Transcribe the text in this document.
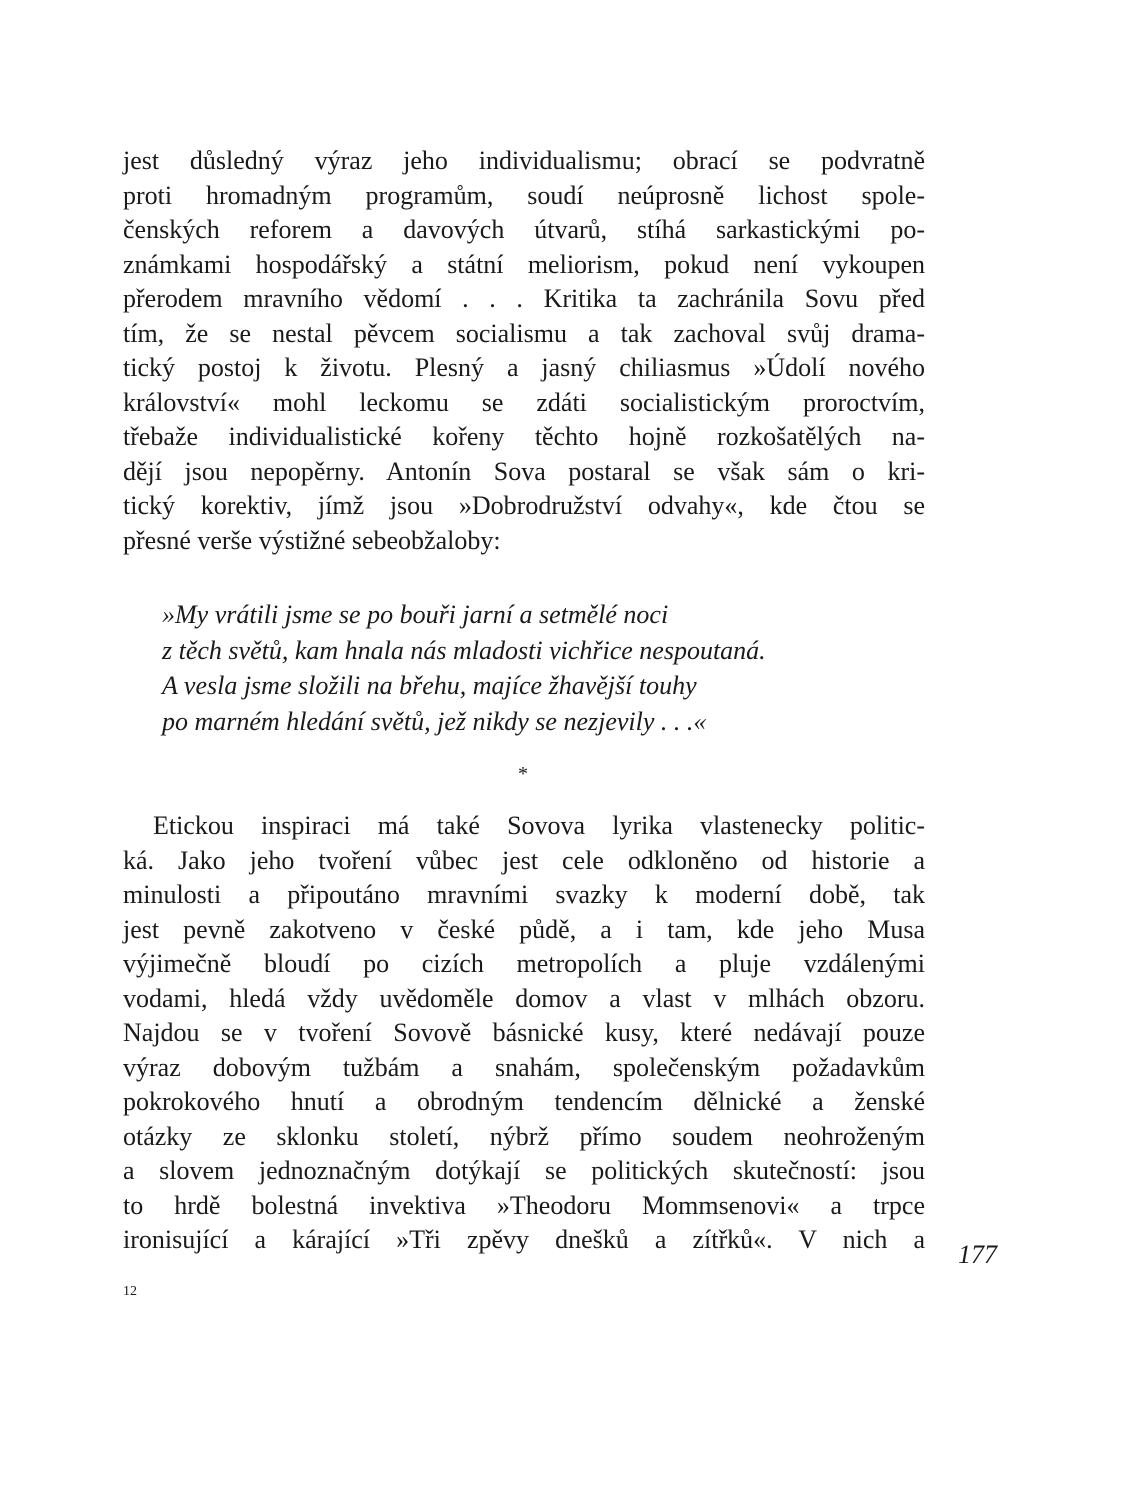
jest důsledný výraz jeho individualismu; obrací se podvratně
proti hromadným programům, soudí neúprosně lichost spole-
čenských reforem a davových útvarů, stíhá sarkastickými po-
známkami hospodářský a státní meliorism, pokud není vykoupen
přerodem mravního vědomí . . . Kritika ta zachránila Sovu před
tím, že se nestal pěvcem socialismu a tak zachoval svůj drama-
tický postoj k životu. Plesný a jasný chiliasmus »Údolí nového
království« mohl leckomu se zdáti socialistickým proroctvím,
třebaže individualistické kořeny těchto hojně rozkošatělých na-
dějí jsou nepopěrny. Antonín Sova postaral se však sám o kri-
tický korektiv, jímž jsou »Dobrodružství odvahy«, kde čtou se
přesné verše výstižné sebeobžaloby:
»My vrátili jsme se po bouři jarní a setmělé noci
z těch světů, kam hnala nás mladosti vichřice nespoutaná.
A vesla jsme složili na břehu, majíce žhavější touhy
po marném hledání světů, jež nikdy se nezjevily . . .«
*
Etickou inspiraci má také Sovova lyrika vlastenecky politic-
ká. Jako jeho tvoření vůbec jest cele odkloněno od historie a
minulosti a připoutáno mravními svazky k moderní době, tak
jest pevně zakotveno v české půdě, a i tam, kde jeho Musa
výjimečně bloudí po cizích metropolích a pluje vzdálenými
vodami, hledá vždy uvědoměle domov a vlast v mlhách obzoru.
Najdou se v tvoření Sovově básnické kusy, které nedávají pouze
výraz dobovým tužbám a snahám, společenským požadavkům
pokrokového hnutí a obrodným tendencím dělnické a ženské
otázky ze sklonku století, nýbrž přímo soudem neohroženým
a slovem jednoznačným dotýkají se politických skutečností: jsou
to hrdě bolestná invektiva »Theodoru Mommsenovi« a trpce
ironisující a kárající »Tři zpěvy dnešků a zítřků«. V nich a
177
12
